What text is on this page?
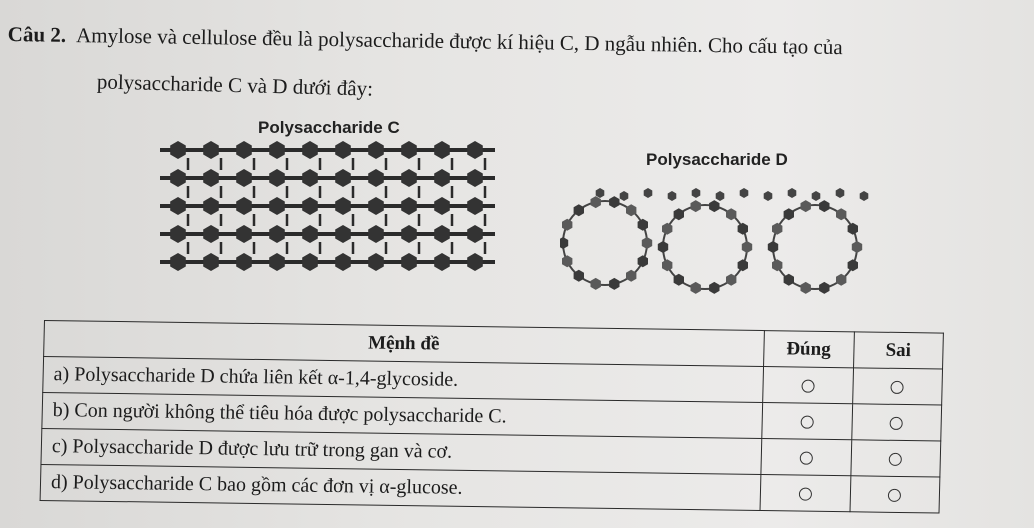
Câu 2. Amylose và cellulose đều là polysaccharide được kí hiệu C, D ngẫu nhiên. Cho cấu tạo của
polysaccharide C và D dưới đây:
Polysaccharide C
Polysaccharide D
Mệnh đề	Đúng	Sai
a) Polysaccharide D chứa liên kết α-1,4-glycoside.		
b) Con người không thể tiêu hóa được polysaccharide C.		
c) Polysaccharide D được lưu trữ trong gan và cơ.		
d) Polysaccharide C bao gồm các đơn vị α-glucose.		
